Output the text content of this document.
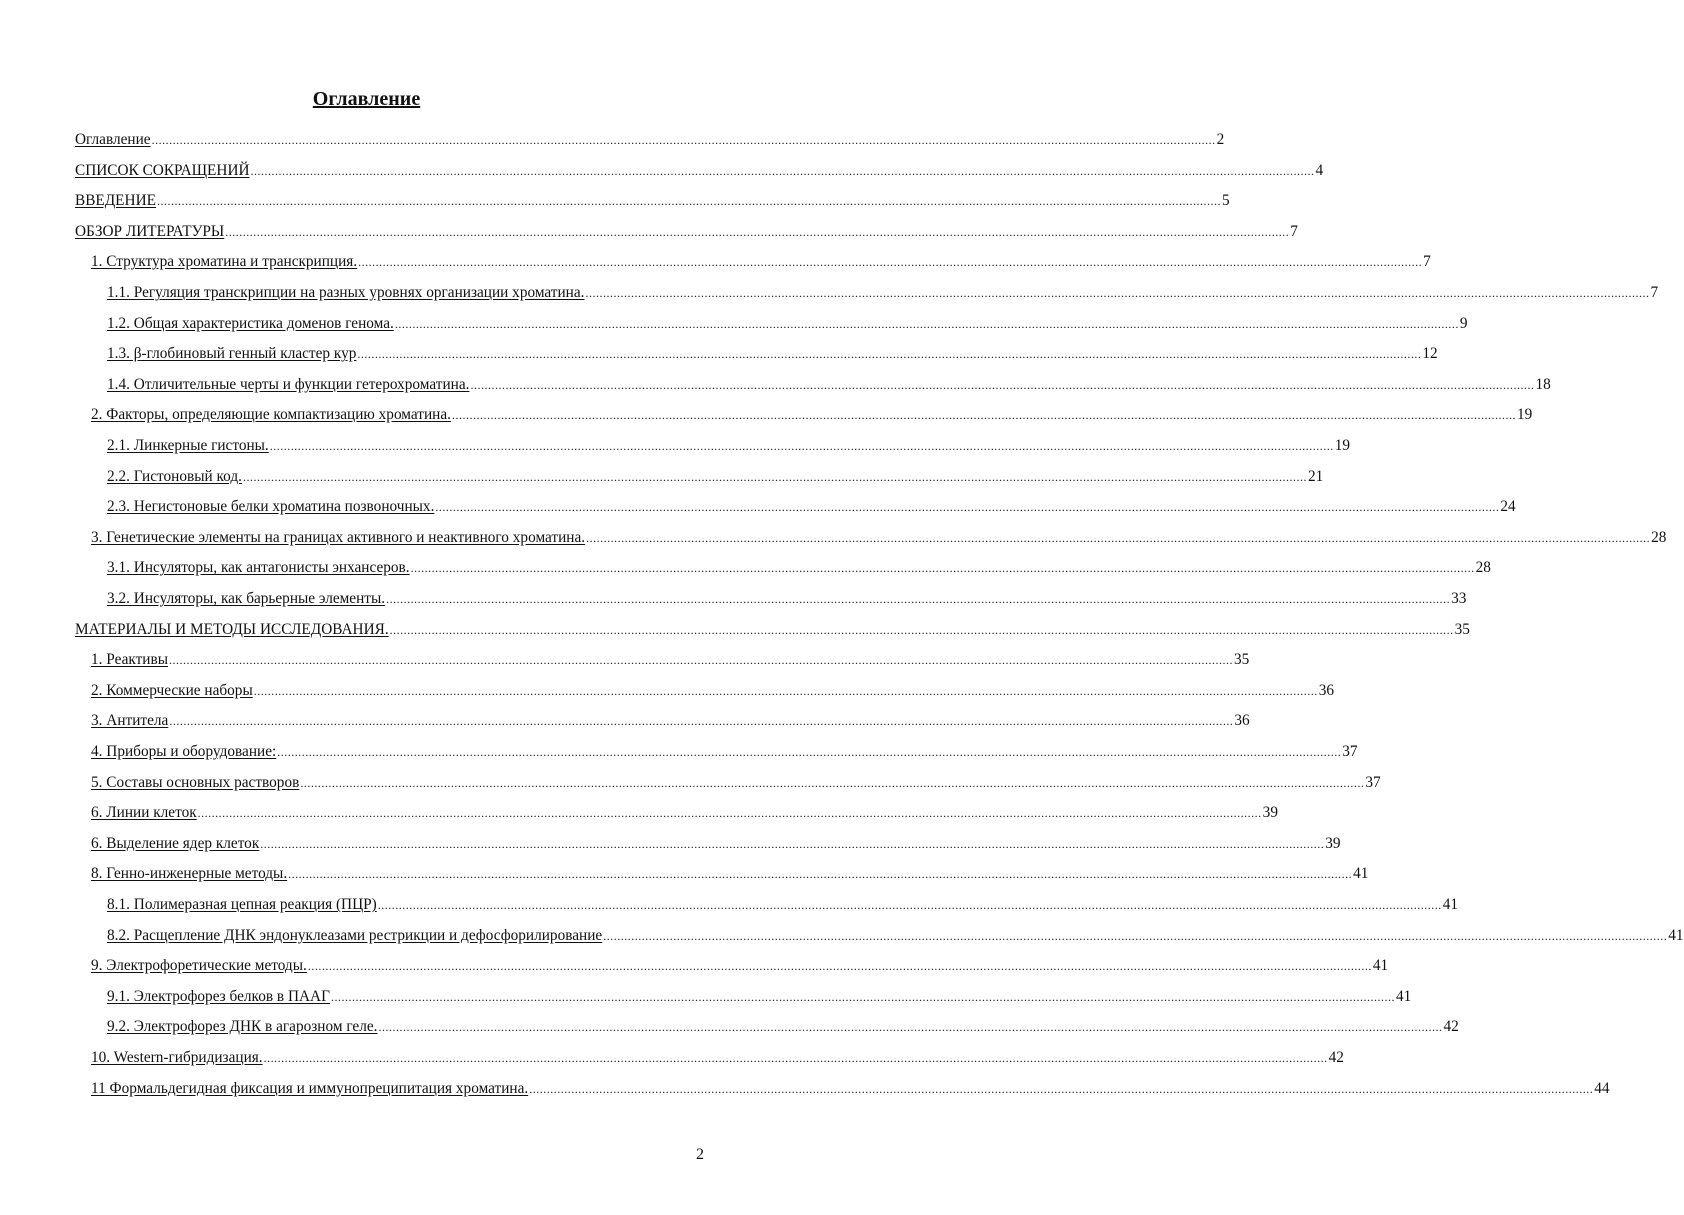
Оглавление
Оглавление .....	2
СПИСОК СОКРАЩЕНИЙ .....	4
ВВЕДЕНИЕ .....	5
ОБЗОР ЛИТЕРАТУРЫ .....	7
1. Структура хроматина и транскрипция. .....	7
1.1. Регуляция транскрипции на разных уровнях организации хроматина. .....	7
1.2. Общая характеристика доменов генома. .....	9
1.3. β-глобиновый генный кластер кур .....	12
1.4. Отличительные черты и функции гетерохроматина. .....	18
2. Факторы, определяющие компактизацию хроматина. .....	19
2.1. Линкерные гистоны. .....	19
2.2. Гистоновый код. .....	21
2.3. Негистоновые белки хроматина позвоночных. .....	24
3. Генетические элементы на границах активного и неактивного хроматина. .....	28
3.1. Инсуляторы, как антагонисты энхансеров. .....	28
3.2. Инсуляторы, как барьерные элементы. .....	33
МАТЕРИАЛЫ И МЕТОДЫ ИССЛЕДОВАНИЯ. .....	35
1. Реактивы .....	35
2. Коммерческие наборы .....	36
3. Антитела .....	36
4. Приборы и оборудование: .....	37
5. Составы основных растворов .....	37
6. Линии клеток .....	39
6. Выделение ядер клеток .....	39
8. Генно-инженерные методы. .....	41
8.1. Полимеразная цепная реакция (ПЦР) .....	41
8.2. Расщепление ДНК эндонуклеазами рестрикции и дефосфорилирование .....	41
9. Электрофоретические методы. .....	41
9.1. Электрофорез белков в ПААГ .....	41
9.2. Электрофорез ДНК в агарозном геле. .....	42
10. Western-гибридизация. .....	42
11 Формальдегидная фиксация и иммунопреципитация хроматина. .....	44
2
